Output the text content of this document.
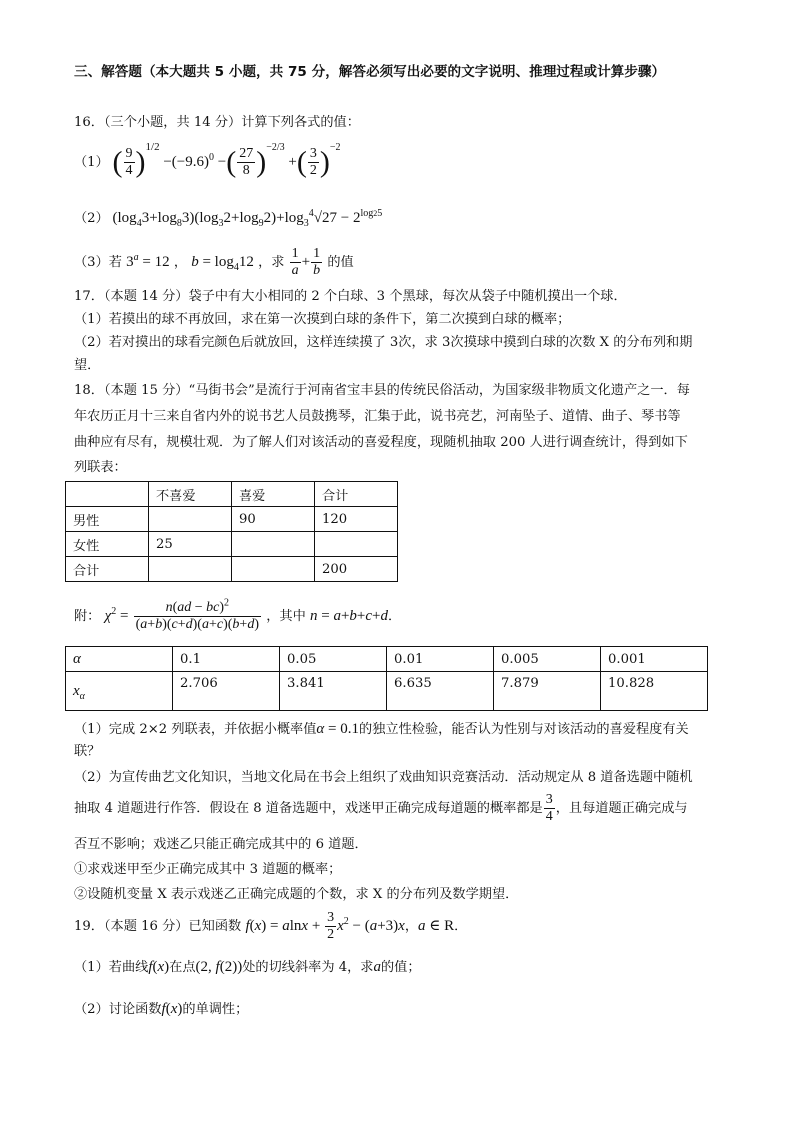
三、解答题（本大题共 5 小题，共 75 分，解答必须写出必要的文字说明、推理过程或计算步骤）
16．（三个小题，共 14 分）计算下列各式的值：
（1） ( $\frac{9}{4} )^{1/2} -(-9.6)^0$ −( $\frac{27}{8} )^{-2/3}$ +( $\frac{3}{2} )^{-2}$
（2） $(\log_43+\log_83)(\log_32+\log_92)+\log_3^4√27 - 2^{log25}$
（3）若 $3^a = 12$ ， $b = \log_412$ ，求 $\frac{1}{a} + \frac{1}{b}$ 的值
17．（本题 14 分）袋子中有大小相同的 2 个白球、3 个黑球，每次从袋子中随机摸出一个球．
（1）若摸出的球不再放回，求在第一次摸到白球的条件下，第二次摸到白球的概率；
（2）若对摸出的球看完颜色后就放回，这样连续摸了 3次，求 3次摸球中摸到白球的次数 X 的分布列和期
望．
18．（本题 15 分）“马街书会”是流行于河南省宝丰县的传统民俗活动，为国家级非物质文化遗产之一．每
年农历正月十三来自省内外的说书艺人员鼓携琴，汇集于此，说书亮艺，河南坠子、道情、曲子、琴书等
曲种应有尽有，规模壮观．为了解人们对该活动的喜爱程度，现随机抽取 200 人进行调查统计，得到如下
列联表：
	不喜爱	喜爱	合计
男性		90	120
女性	25		
合计			200
附： $\chi^2 = \frac{n(ad - bc)^2}{(a+b)(c+d)(a+c)(b+d)}$ ，其中 n = a+b+c+d．
α	0.1	0.05	0.01	0.005	0.001
$x_\alpha$	2.706	3.841	6.635	7.879	10.828
（1）完成 2×2 列联表，并依据小概率值α = 0.1的独立性检验，能否认为性别与对该活动的喜爱程度有关
联？
（2）为宣传曲艺文化知识，当地文化局在书会上组织了戏曲知识竞赛活动．活动规定从 8 道备选题中随机
抽取 4 道题进行作答．假设在 8 道备选题中，戏迷甲正确完成每道题的概率都是 $\frac{3}{4}$ ，且每道题正确完成与
否互不影响；戏迷乙只能正确完成其中的 6 道题．
①求戏迷甲至少正确完成其中 3 道题的概率；
②设随机变量 X 表示戏迷乙正确完成题的个数，求 X 的分布列及数学期望．
19．（本题 16 分）已知函数 $f(x) = alnx + \frac{3}{2} x^2 - (a+3)x$，a ∈ R．
（1）若曲线f(x)在点(2, f(2))处的切线斜率为 4，求a的值；
（2）讨论函数f(x)的单调性；
